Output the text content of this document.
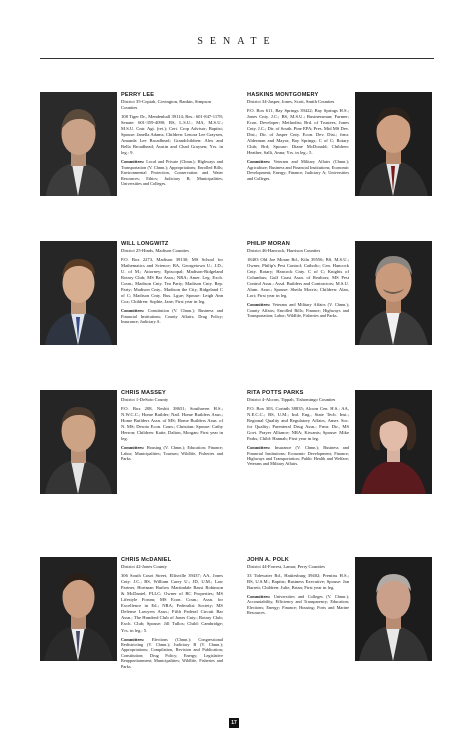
SENATE
PERRY LEE
District 35-Copiah, Covington, Rankin, Simpson Counties
108 Tiger Dr., Mendenhall 39114; Res.: 601-847-1178; Senate: 601-359-4090; BS, L.S.U.; MA, M.S.U.; M.S.U. Cntr. Agt. (ret.); Cert. Crop Advisor; Baptist; Spouse: Janella Adams; Children: Lenora Lee Graysen, Amanda Lee Broadhead; Grandchildren: Alex and Bella Broadhead; Austin and Chad Graysen; Yrs. in leg.: 9.
Committees: Local and Private (Chmn.); Highways and Transportation (V. Chmn.); Appropriations; Enrolled Bills; Environmental Protection, Conservation and Water Resources; Ethics; Judiciary B; Municipalities; Universities and Colleges.
HASKINS MONTGOMERY
District 34-Jasper, Jones, Scott, Smith Counties
P.O. Box 611, Bay Springs 39422; Bay Springs H.S.; Jones Cnty. J.C.; BS, M.S.U.; Businessman; Farmer; Econ. Developer; Methodist; Brd. of Trustees, Jones Cnty. J.C.; Dir. of South. Pine EPA; Pres. Mid MS Dev. Dist.; Dir. of Jasper Cnty. Econ. Dev. Dist.; frmr. Alderman and Mayor, Bay Springs; C of C; Rotary Club; Brd; Spouse: Diane McDonald; Children: Heather, Salli, Anna; Yrs. in leg.: 5.
Committees: Veterans and Military Affairs (Chmn.); Agriculture; Business and Financial Institutions; Economic Development; Energy; Finance; Judiciary A; Universities and Colleges.
WILL LONGWITZ
District 25-Hinds, Madison Counties
P.O. Box 2273, Madison 39130; MS School for Mathematics and Science; BA, Georgetown U.; J.D., U. of M.; Attorney; Episcopal; Madison-Ridgeland Rotary Club; MS Bar Assn.; NRA; Amer. Leg. Exch. Coun.; Madison Cnty. Tea Party; Madison Cnty. Rep. Party; Madison Cnty., Madison the City, Ridgeland C of C; Madison Cnty. Bus. Lgue; Spouse: Leigh Ann Cox; Children: Sophie, Jane; First year in leg.
Committees: Constitution (V. Chmn.); Business and Financial Institutions; County Affairs; Drug Policy; Insurance; Judiciary A.
PHILIP MORAN
District 46-Hancock, Harrison Counties
18403 Old Joe Moran Rd., Kiln 39556; BS, M.S.U.; Owner, Philip's Pest Control; Catholic; Cen. Hancock Cnty. Rotary; Hancock Cnty. C of C; Knights of Columbus; Gulf Coast Assn. of Realtors; MS Pest Control Assn.; Assd. Builders and Contractors; M.S.U. Alum. Assn.; Spouse: Sheila Morris; Children: Alan, Lori; First year in leg.
Committees: Veterans and Military Affairs (V. Chmn.); County Affairs; Enrolled Bills; Finance; Highways and Transportation; Labor; Wildlife, Fisheries and Parks.
CHRIS MASSEY
District 1-DeSoto County
P.O. Box 208, Nesbit 38651; Southaven H.S.; N.W.C.C.; Home Builder; Natl. Home Builders Assn.; Home Builders Assn. of MS; Home Builders Assn. of N. MS; Desoto Econ. Coun.; Christian; Spouse: Cathy Herron; Children: Katie, Dalton, Morgan; First year in leg.
Committees: Housing (V. Chmn.); Education; Finance; Labor; Municipalities; Tourism; Wildlife, Fisheries and Parks.
RITA POTTS PARKS
District 4-Alcorn, Tippah, Tishomingo Counties
P.O. Box 303, Corinth 38835; Alcorn Cen. H.S.; AA, N.E.C.C.; BS, U.M.; Ind. Eng., State Tech. Inst.; Regional Quality and Regulatory Affairs, Amer. Soc. for Quality; Parenteral Drug Assn.; Frmr. Dir., MS Govt. Prayer Alliance; NRA; Kiwanis; Spouse: Mike Parks; Child: Hannah; First year in leg.
Committees: Insurance (V. Chmn.); Business and Financial Institutions; Economic Development; Finance; Highways and Transportation; Public Health and Welfare; Veterans and Military Affairs.
CHRIS McDANIEL
District 42-Jones County
306 South Court Street, Ellisville 39437; AA, Jones Cnty. J.C.; BS, William Carey U.; JD, U.M.; Law Partner, Hortman Harlow Martindale Bassi Robinson & McDaniel, PLLC; Owner of BC Properties; MS Lifestyle Forum; MS Econ. Coun.; Assn. for Excellence in Ed.; NRA; Federalist Society; MS Defense Lawyers Assn.; Fifth Federal Circuit Bar Assn.; The Hundred Club of Jones Cnty.; Rotary Club; Exch. Club; Spouse: Jill Tullos; Child: Cambridge; Yrs. in leg.: 5.
Committees: Elections (Chmn.); Congressional Redistricting (V. Chmn.); Judiciary B (V. Chmn.); Appropriations; Compilation, Revision and Publication; Constitution; Drug Policy; Energy; Legislative Reapportionment; Municipalities; Wildlife, Fisheries and Parks.
JOHN A. POLK
District 44-Forrest, Lamar, Perry Counties
33 Tidewater Rd., Hattiesburg 39402; Prentiss H.S.; BS, U.S.M.; Baptist; Business Executive; Spouse: Jan Barrett; Children: Julie, Brian; First year in leg.
Committees: Universities and Colleges (V. Chmn.); Accountability, Efficiency and Transparency; Education; Elections; Energy; Finance; Housing; Ports and Marine Resources.
17
